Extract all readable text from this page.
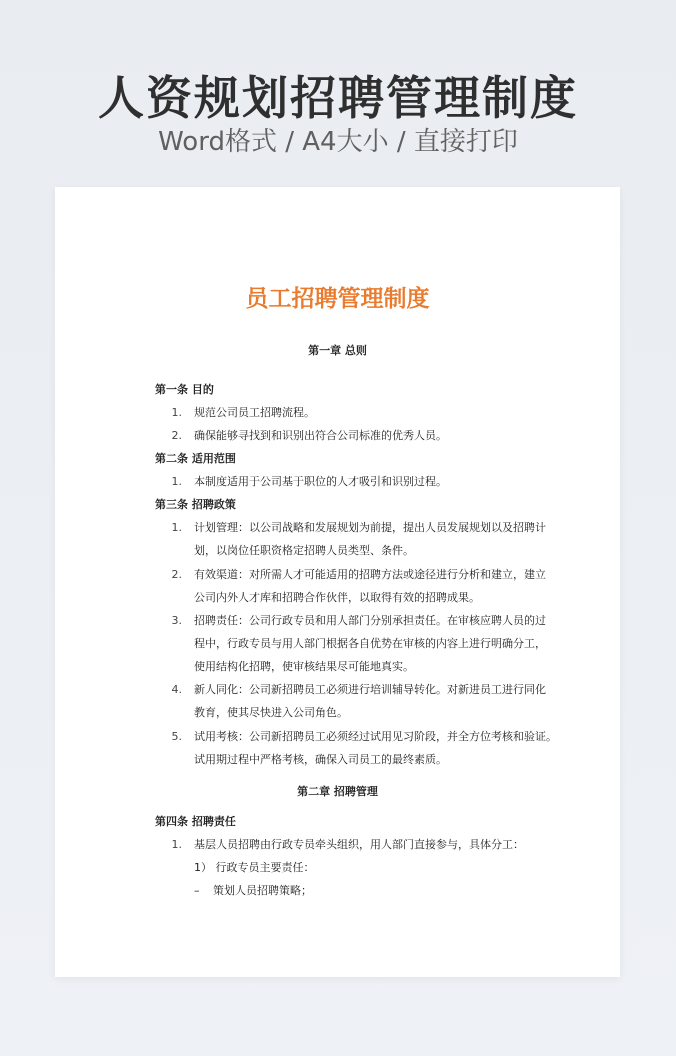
人资规划招聘管理制度
Word格式 / A4大小 / 直接打印
员工招聘管理制度
第一章 总则
第一条 目的
1. 规范公司员工招聘流程。
2. 确保能够寻找到和识别出符合公司标准的优秀人员。
第二条 适用范围
1. 本制度适用于公司基于职位的人才吸引和识别过程。
第三条 招聘政策
1. 计划管理：以公司战略和发展规划为前提，提出人员发展规划以及招聘计
划，以岗位任职资格定招聘人员类型、条件。
2. 有效渠道：对所需人才可能适用的招聘方法或途径进行分析和建立，建立
公司内外人才库和招聘合作伙伴，以取得有效的招聘成果。
3. 招聘责任：公司行政专员和用人部门分别承担责任。在审核应聘人员的过
程中，行政专员与用人部门根据各自优势在审核的内容上进行明确分工，
使用结构化招聘，使审核结果尽可能地真实。
4. 新人同化：公司新招聘员工必须进行培训辅导转化。对新进员工进行同化
教育，使其尽快进入公司角色。
5. 试用考核：公司新招聘员工必须经过试用见习阶段，并全方位考核和验证。
试用期过程中严格考核，确保入司员工的最终素质。
第二章 招聘管理
第四条 招聘责任
1. 基层人员招聘由行政专员牵头组织，用人部门直接参与，具体分工：
1） 行政专员主要责任：
– 策划人员招聘策略；
